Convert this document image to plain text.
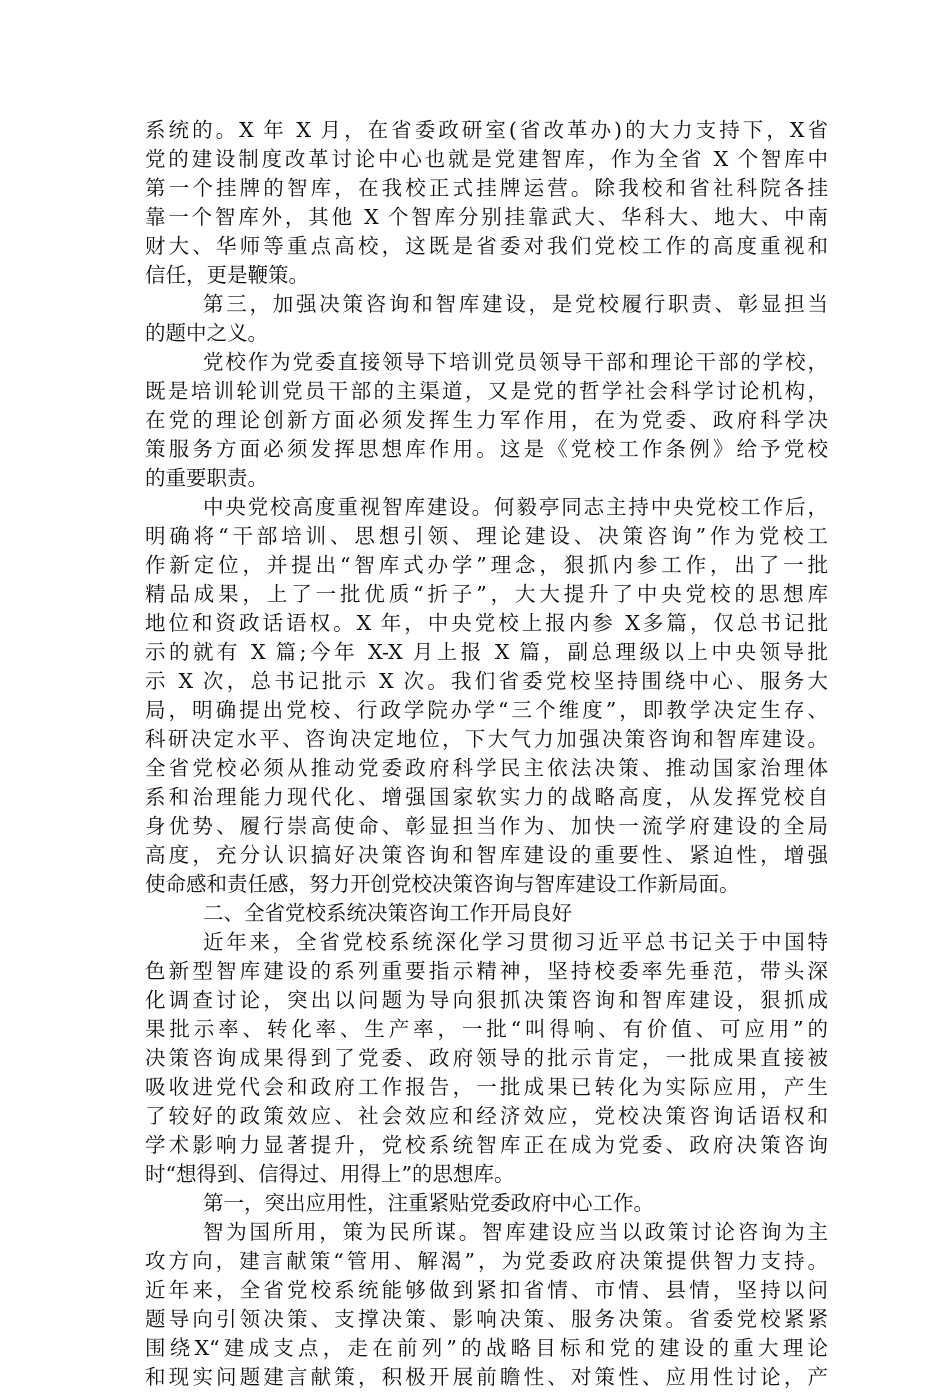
系统的。X 年 X 月，在省委政研室(省改革办)的大力支持下，X省
党的建设制度改革讨论中心也就是党建智库，作为全省 X 个智库中
第一个挂牌的智库，在我校正式挂牌运营。除我校和省社科院各挂
靠一个智库外，其他 X 个智库分别挂靠武大、华科大、地大、中南
财大、华师等重点高校，这既是省委对我们党校工作的高度重视和
信任，更是鞭策。
第三，加强决策咨询和智库建设，是党校履行职责、彰显担当
的题中之义。
党校作为党委直接领导下培训党员领导干部和理论干部的学校，
既是培训轮训党员干部的主渠道，又是党的哲学社会科学讨论机构，
在党的理论创新方面必须发挥生力军作用，在为党委、政府科学决
策服务方面必须发挥思想库作用。这是《党校工作条例》给予党校
的重要职责。
中央党校高度重视智库建设。何毅亭同志主持中央党校工作后，
明确将“干部培训、思想引领、理论建设、决策咨询”作为党校工
作新定位，并提出“智库式办学”理念，狠抓内参工作，出了一批
精品成果，上了一批优质“折子”，大大提升了中央党校的思想库
地位和资政话语权。X 年，中央党校上报内参 X多篇，仅总书记批
示的就有 X 篇;今年 X-X 月上报 X 篇，副总理级以上中央领导批
示 X 次，总书记批示 X 次。我们省委党校坚持围绕中心、服务大
局，明确提出党校、行政学院办学“三个维度”，即教学决定生存、
科研决定水平、咨询决定地位，下大气力加强决策咨询和智库建设。
全省党校必须从推动党委政府科学民主依法决策、推动国家治理体
系和治理能力现代化、增强国家软实力的战略高度，从发挥党校自
身优势、履行崇高使命、彰显担当作为、加快一流学府建设的全局
高度，充分认识搞好决策咨询和智库建设的重要性、紧迫性，增强
使命感和责任感，努力开创党校决策咨询与智库建设工作新局面。
二、全省党校系统决策咨询工作开局良好
近年来，全省党校系统深化学习贯彻习近平总书记关于中国特
色新型智库建设的系列重要指示精神，坚持校委率先垂范，带头深
化调查讨论，突出以问题为导向狠抓决策咨询和智库建设，狠抓成
果批示率、转化率、生产率，一批“叫得响、有价值、可应用”的
决策咨询成果得到了党委、政府领导的批示肯定，一批成果直接被
吸收进党代会和政府工作报告，一批成果已转化为实际应用，产生
了较好的政策效应、社会效应和经济效应，党校决策咨询话语权和
学术影响力显著提升，党校系统智库正在成为党委、政府决策咨询
时“想得到、信得过、用得上”的思想库。
第一，突出应用性，注重紧贴党委政府中心工作。
智为国所用，策为民所谋。智库建设应当以政策讨论咨询为主
攻方向，建言献策“管用、解渴”，为党委政府决策提供智力支持。
近年来，全省党校系统能够做到紧扣省情、市情、县情，坚持以问
题导向引领决策、支撑决策、影响决策、服务决策。省委党校紧紧
围绕X“建成支点，走在前列”的战略目标和党的建设的重大理论
和现实问题建言献策，积极开展前瞻性、对策性、应用性讨论，产
